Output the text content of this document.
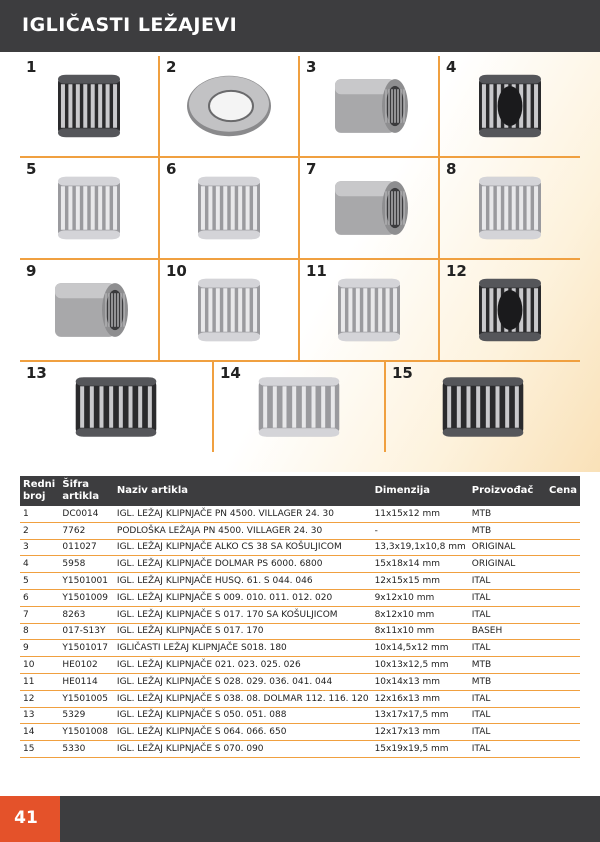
IGLIČASTI LEŽAJEVI
1	2	3	4
5	6	7	8
9	10	11	12
13	14	15
Redni broj	Šifra artikla	Naziv artikla	Dimenzija	Proizvođač	Cena
1	DC0014	IGL. LEŽAJ KLIPNJAČE PN 4500. VILLAGER 24. 30	11x15x12 mm	MTB	
2	7762	PODLOŠKA LEŽAJA PN 4500. VILLAGER 24. 30	-	MTB	
3	011027	IGL. LEŽAJ KLIPNJAČE ALKO CS 38 SA KOŠULJICOM	13,3x19,1x10,8 mm	ORIGINAL	
4	5958	IGL. LEŽAJ KLIPNJAČE DOLMAR PS 6000. 6800	15x18x14 mm	ORIGINAL	
5	Y1501001	IGL. LEŽAJ KLIPNJAČE HUSQ. 61. S 044. 046	12x15x15 mm	ITAL	
6	Y1501009	IGL. LEŽAJ KLIPNJAČE S 009. 010. 011. 012. 020	9x12x10 mm	ITAL	
7	8263	IGL. LEŽAJ KLIPNJAČE S 017. 170 SA KOŠULJICOM	8x12x10 mm	ITAL	
8	017-S13Y	IGL. LEŽAJ KLIPNJAČE S 017. 170	8x11x10 mm	BASEH	
9	Y1501017	IGLIČASTI LEŽAJ KLIPNJAČE S018. 180	10x14,5x12 mm	ITAL	
10	HE0102	IGL. LEŽAJ KLIPNJAČE 021. 023. 025. 026	10x13x12,5 mm	MTB	
11	HE0114	IGL. LEŽAJ KLIPNJAČE S 028. 029. 036. 041. 044	10x14x13 mm	MTB	
12	Y1501005	IGL. LEŽAJ KLIPNJAČE S 038. 08. DOLMAR 112. 116. 120	12x16x13 mm	ITAL	
13	5329	IGL. LEŽAJ KLIPNJAČE S 050. 051. 088	13x17x17,5 mm	ITAL	
14	Y1501008	IGL. LEŽAJ KLIPNJAČE S 064. 066. 650	12x17x13 mm	ITAL	
15	5330	IGL. LEŽAJ KLIPNJAČE S 070. 090	15x19x19,5 mm	ITAL	
41
